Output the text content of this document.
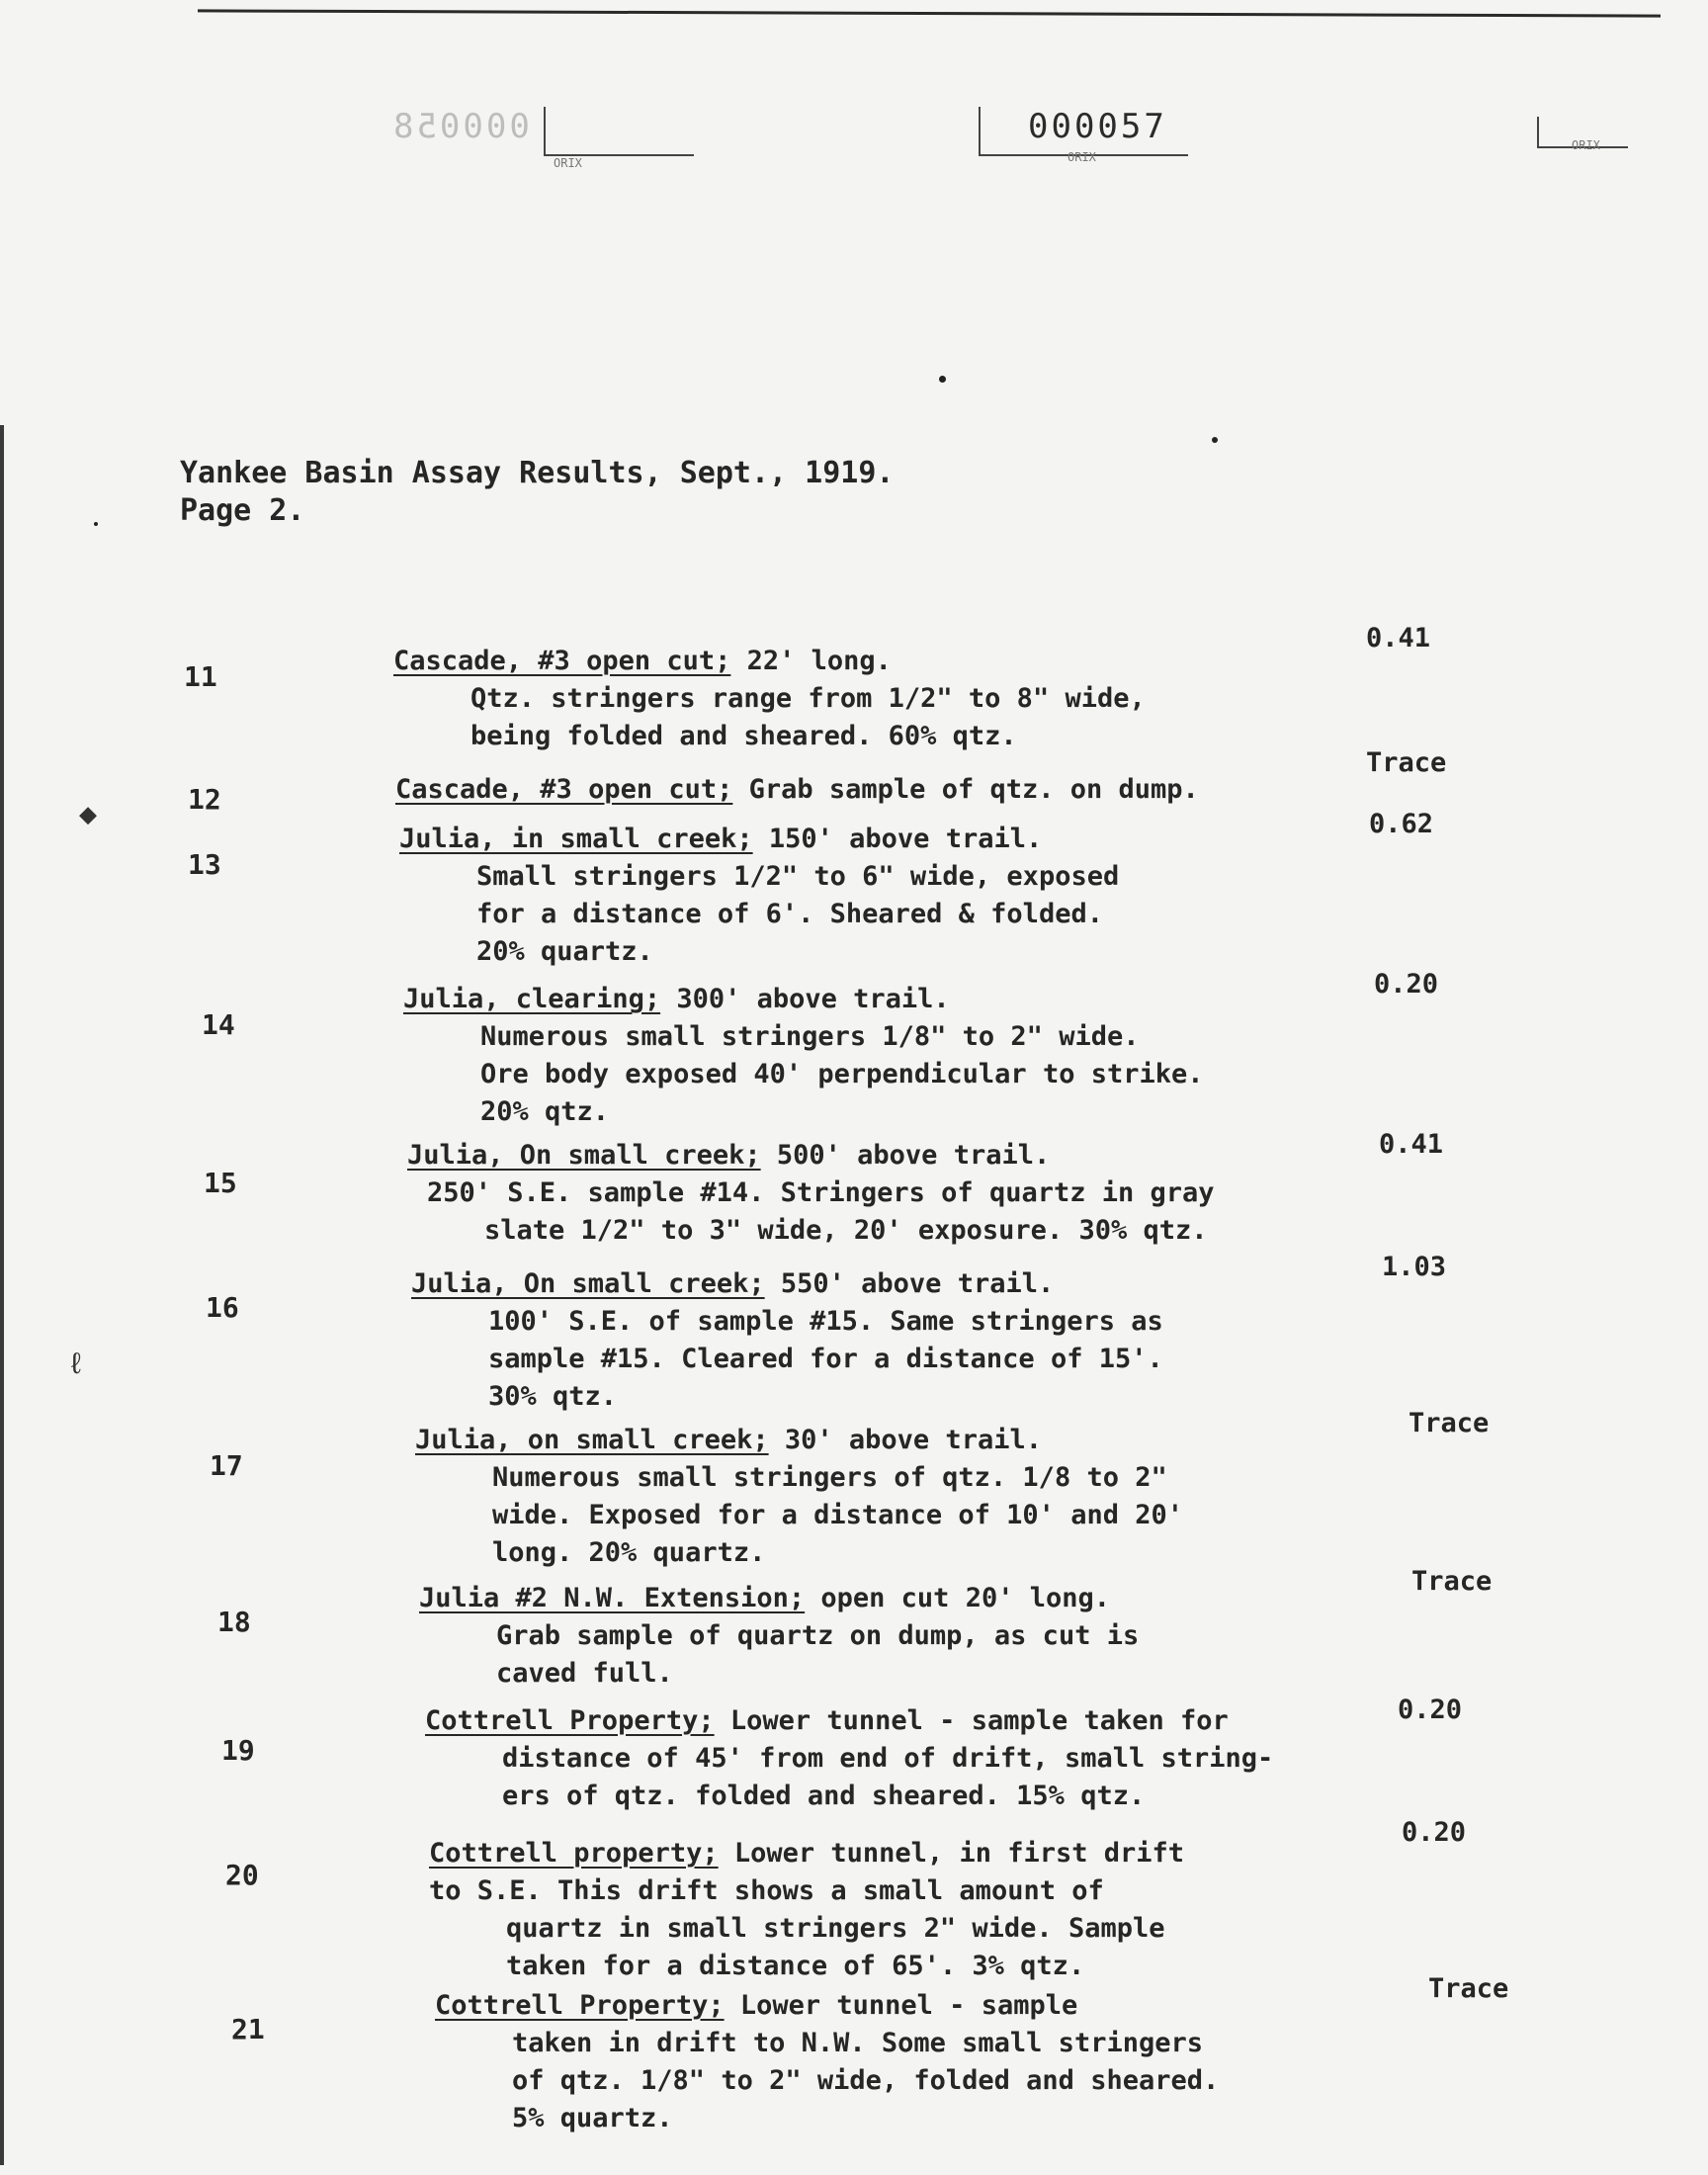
000058
ORIX
000057
ORIX
ORIX
◆
ℓ
Yankee Basin Assay Results, Sept., 1919.
Page 2.
0.41
11	Cascade, #3 open cut; 22' long.
Qtz. stringers range from 1/2" to 8" wide,
being folded and sheared. 60% qtz.
Trace
12	Cascade, #3 open cut; Grab sample of qtz. on dump.
0.62
13
Julia, in small creek; 150' above trail.
Small stringers 1/2" to 6" wide, exposed
for a distance of 6'. Sheared & folded.
20% quartz.
0.20
14
Julia, clearing; 300' above trail.
Numerous small stringers 1/8" to 2" wide.
Ore body exposed 40' perpendicular to strike.
20% qtz.
0.41
15
Julia, On small creek; 500' above trail.
250' S.E. sample #14. Stringers of quartz in gray
slate 1/2" to 3" wide, 20' exposure. 30% qtz.
1.03
16
Julia, On small creek; 550' above trail.
100' S.E. of sample #15. Same stringers as
sample #15. Cleared for a distance of 15'.
30% qtz.
Trace
17
Julia, on small creek; 30' above trail.
Numerous small stringers of qtz. 1/8 to 2"
wide. Exposed for a distance of 10' and 20'
long. 20% quartz.
Trace
18
Julia #2 N.W. Extension; open cut 20' long.
Grab sample of quartz on dump, as cut is
caved full.
0.20
19
Cottrell Property; Lower tunnel - sample taken for
distance of 45' from end of drift, small string-
ers of qtz. folded and sheared. 15% qtz.
0.20
20
Cottrell property; Lower tunnel, in first drift
to S.E. This drift shows a small amount of
quartz in small stringers 2" wide. Sample
taken for a distance of 65'. 3% qtz.
Trace
21
Cottrell Property; Lower tunnel - sample
taken in drift to N.W. Some small stringers
of qtz. 1/8" to 2" wide, folded and sheared.
5% quartz.
